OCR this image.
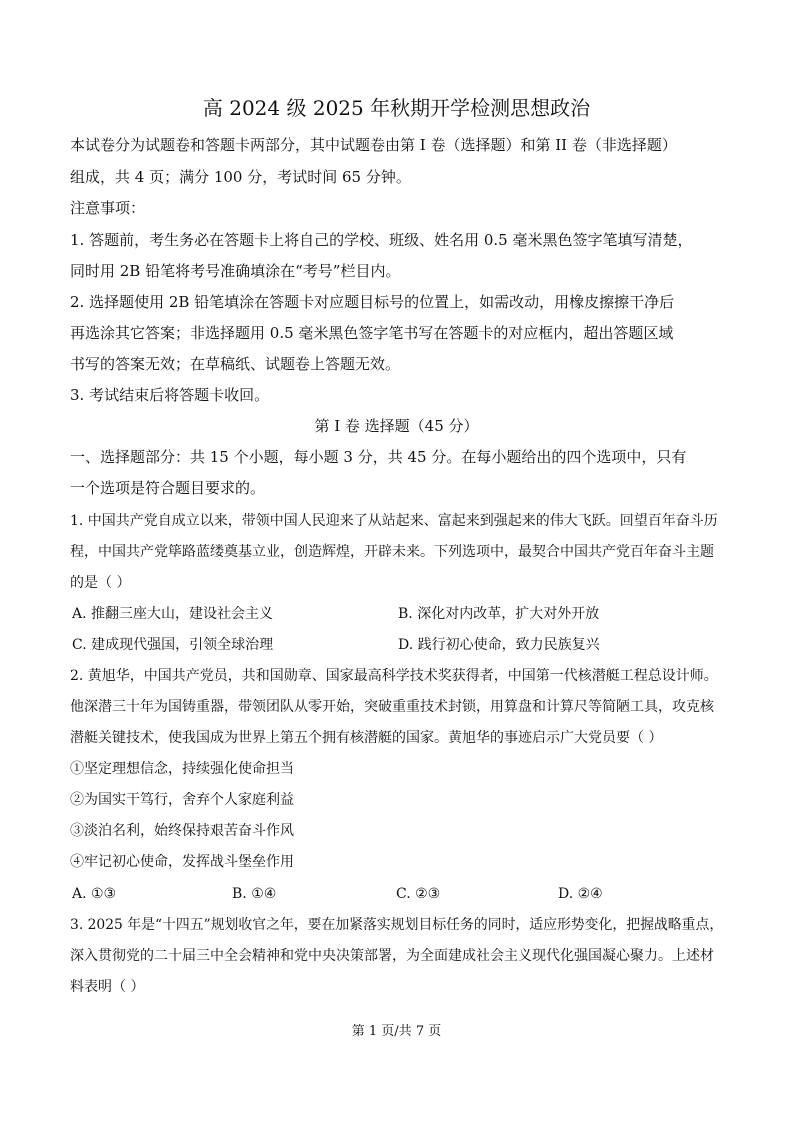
高 2024 级 2025 年秋期开学检测思想政治
本试卷分为试题卷和答题卡两部分，其中试题卷由第 I 卷（选择题）和第 II 卷（非选择题）
组成，共 4 页；满分 100 分，考试时间 65 分钟。
注意事项：
1. 答题前，考生务必在答题卡上将自己的学校、班级、姓名用 0.5 毫米黑色签字笔填写清楚，
同时用 2B 铅笔将考号准确填涂在“考号”栏目内。
2. 选择题使用 2B 铅笔填涂在答题卡对应题目标号的位置上，如需改动，用橡皮擦擦干净后
再选涂其它答案；非选择题用 0.5 毫米黑色签字笔书写在答题卡的对应框内，超出答题区域
书写的答案无效；在草稿纸、试题卷上答题无效。
3. 考试结束后将答题卡收回。
第 I 卷 选择题（45 分）
一、选择题部分：共 15 个小题，每小题 3 分，共 45 分。在每小题给出的四个选项中，只有
一个选项是符合题目要求的。
1. 中国共产党自成立以来，带领中国人民迎来了从站起来、富起来到强起来的伟大飞跃。回望百年奋斗历
程，中国共产党筚路蓝缕奠基立业，创造辉煌，开辟未来。下列选项中，最契合中国共产党百年奋斗主题
的是（ ）
A. 推翻三座大山，建设社会主义	B. 深化对内改革，扩大对外开放
C. 建成现代强国，引领全球治理	D. 践行初心使命，致力民族复兴
2. 黄旭华，中国共产党员，共和国勋章、国家最高科学技术奖获得者，中国第一代核潜艇工程总设计师。
他深潜三十年为国铸重器，带领团队从零开始，突破重重技术封锁，用算盘和计算尺等简陋工具，攻克核
潜艇关键技术，使我国成为世界上第五个拥有核潜艇的国家。黄旭华的事迹启示广大党员要（ ）
①坚定理想信念，持续强化使命担当
②为国实干笃行，舍弃个人家庭利益
③淡泊名利，始终保持艰苦奋斗作风
④牢记初心使命，发挥战斗堡垒作用
A. ①③	B. ①④	C. ②③	D. ②④
3. 2025 年是“十四五”规划收官之年，要在加紧落实规划目标任务的同时，适应形势变化，把握战略重点，
深入贯彻党的二十届三中全会精神和党中央决策部署，为全面建成社会主义现代化强国凝心聚力。上述材
料表明（ ）
第 1 页/共 7 页
